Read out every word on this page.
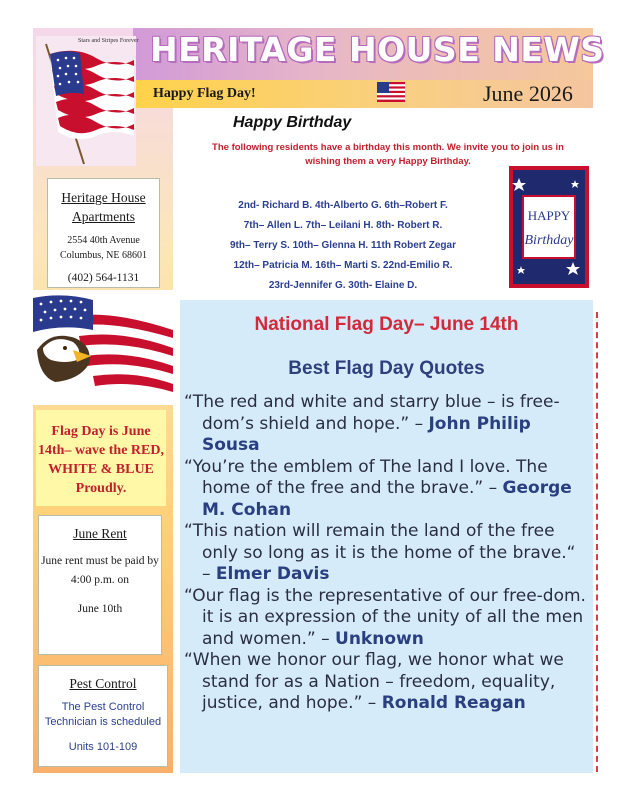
HERITAGE HOUSE NEWS
Happy Flag Day!	June 2026
Stars and Stripes Forever
Heritage House
Apartments
2554 40th Avenue
Columbus, NE 68601
(402) 564-1131
Flag Day is June 14th– wave the RED, WHITE & BLUE Proudly.
June Rent
June rent must be paid by 4:00 p.m. on
June 10th
Pest Control
The Pest Control Technician is scheduled
Units 101-109
Happy Birthday
The following residents have a birthday this month. We invite you to join us in
wishing them a very Happy Birthday.
2nd- Richard B. 4th-Alberto G. 6th–Robert F.
7th– Allen L. 7th– Leilani H. 8th- Robert R.
9th– Terry S. 10th– Glenna H. 11th Robert Zegar
12th– Patricia M. 16th– Marti S. 22nd-Emilio R.
23rd-Jennifer G. 30th- Elaine D.
HAPPY
Birthday
National Flag Day– June 14th
Best Flag Day Quotes
“The red and white and starry blue – is free-dom’s shield and hope.” – John Philip Sousa
“You’re the emblem of The land I love. The home of the free and the brave.” – George M. Cohan
“This nation will remain the land of the free only so long as it is the home of the brave.“ – Elmer Davis
“Our flag is the representative of our free-dom. it is an expression of the unity of all the men and women.” – Unknown
“When we honor our flag, we honor what we stand for as a Nation – freedom, equality, justice, and hope.” – Ronald Reagan
